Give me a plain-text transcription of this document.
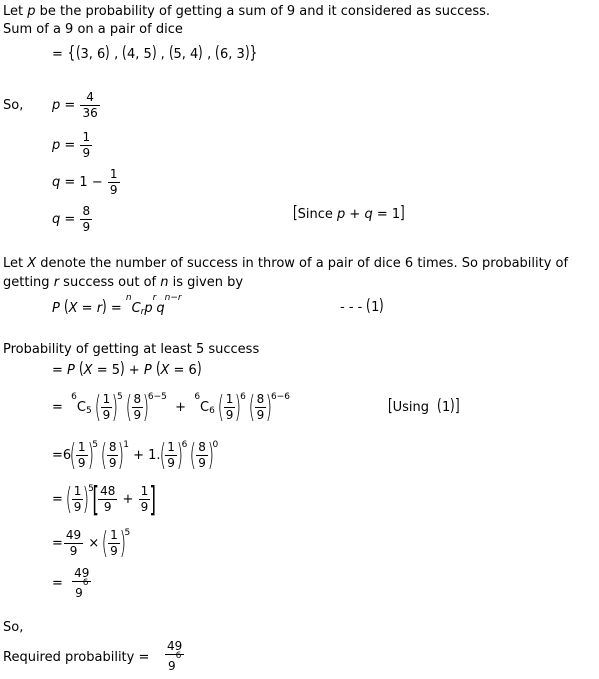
Let p be the probability of getting a sum of 9 and it considered as success.
Sum of a 9 on a pair of dice
= {(3, 6) , (4, 5) , (5, 4) , (6, 3)}
So, $p = \frac{4}{36}$
$p = \frac{1}{9}$
$q = 1 - \frac{1}{9}$
$q = \frac{8}{9}$	[Since p + q = 1]
Let X denote the number of success in throw of a pair of dice 6 times. So probability of
getting r success out of n is given by
P $(X = r) = ^nC_rp^rq^{n-r}$
- - - (1)
Probability of getting at least 5 success
= P (X = 5) + P (X = 6)
=  $^6C_5$ ( $\frac{1}{9} )^5$ ( $\frac{8}{9} )^{6-5} + ^6C_6$ ( $\frac{1}{9} )^6$ ( $\frac{8}{9} )^{6-6}$	[Using  (1)]
$=6( \frac{1}{9} )^5$ ( $\frac{8}{9} )^1 + 1.( \frac{1}{9} )^6$ ( $\frac{8}{9} )^0$
= ( $\frac{1}{9} )^5[ \frac{48}{9} + \frac{1}{9}$ ]
= $\frac{49}{9}$ × ( $\frac{1}{9} )^5$
= $\frac{49}{9^6}$
So,
Required probability = $\frac{49}{9^6}$
